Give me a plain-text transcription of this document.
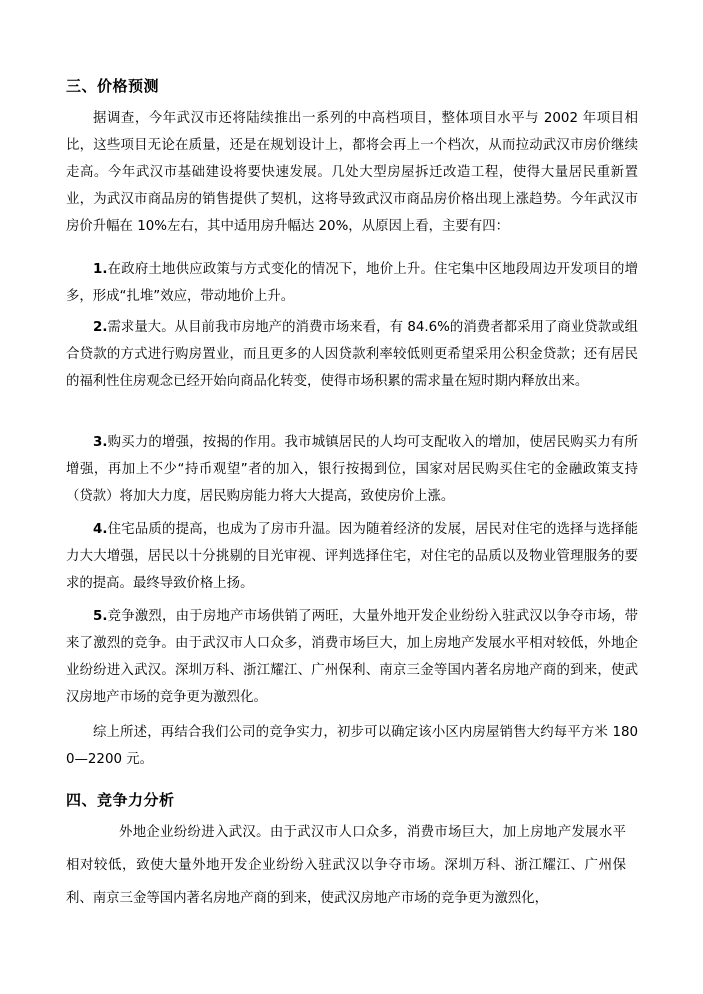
三、价格预测
据调查，今年武汉市还将陆续推出一系列的中高档项目，整体项目水平与 2002 年项目相比，这些项目无论在质量，还是在规划设计上，都将会再上一个档次，从而拉动武汉市房价继续走高。今年武汉市基础建设将要快速发展。几处大型房屋拆迁改造工程，使得大量居民重新置业，为武汉市商品房的销售提供了契机，这将导致武汉市商品房价格出现上涨趋势。今年武汉市房价升幅在 10%左右，其中适用房升幅达 20%，从原因上看，主要有四：
1.在政府土地供应政策与方式变化的情况下，地价上升。住宅集中区地段周边开发项目的增多，形成“扎堆”效应，带动地价上升。
2.需求量大。从目前我市房地产的消费市场来看，有 84.6%的消费者都采用了商业贷款或组合贷款的方式进行购房置业，而且更多的人因贷款利率较低则更希望采用公积金贷款；还有居民的福利性住房观念已经开始向商品化转变，使得市场积累的需求量在短时期内释放出来。
3.购买力的增强，按揭的作用。我市城镇居民的人均可支配收入的增加，使居民购买力有所增强，再加上不少“持币观望”者的加入，银行按揭到位，国家对居民购买住宅的金融政策支持（贷款）将加大力度，居民购房能力将大大提高，致使房价上涨。
4.住宅品质的提高，也成为了房市升温。因为随着经济的发展，居民对住宅的选择与选择能力大大增强，居民以十分挑剔的目光审视、评判选择住宅，对住宅的品质以及物业管理服务的要求的提高。最终导致价格上扬。
5.竞争激烈，由于房地产市场供销了两旺，大量外地开发企业纷纷入驻武汉以争夺市场，带来了激烈的竞争。由于武汉市人口众多，消费市场巨大，加上房地产发展水平相对较低，外地企业纷纷进入武汉。深圳万科、浙江耀江、广州保利、南京三金等国内著名房地产商的到来，使武汉房地产市场的竞争更为激烈化。
综上所述，再结合我们公司的竞争实力，初步可以确定该小区内房屋销售大约每平方米 1800—2200 元。
四、竞争力分析
外地企业纷纷进入武汉。由于武汉市人口众多，消费市场巨大，加上房地产发展水平相对较低，致使大量外地开发企业纷纷入驻武汉以争夺市场。深圳万科、浙江耀江、广州保利、南京三金等国内著名房地产商的到来，使武汉房地产市场的竞争更为激烈化，
